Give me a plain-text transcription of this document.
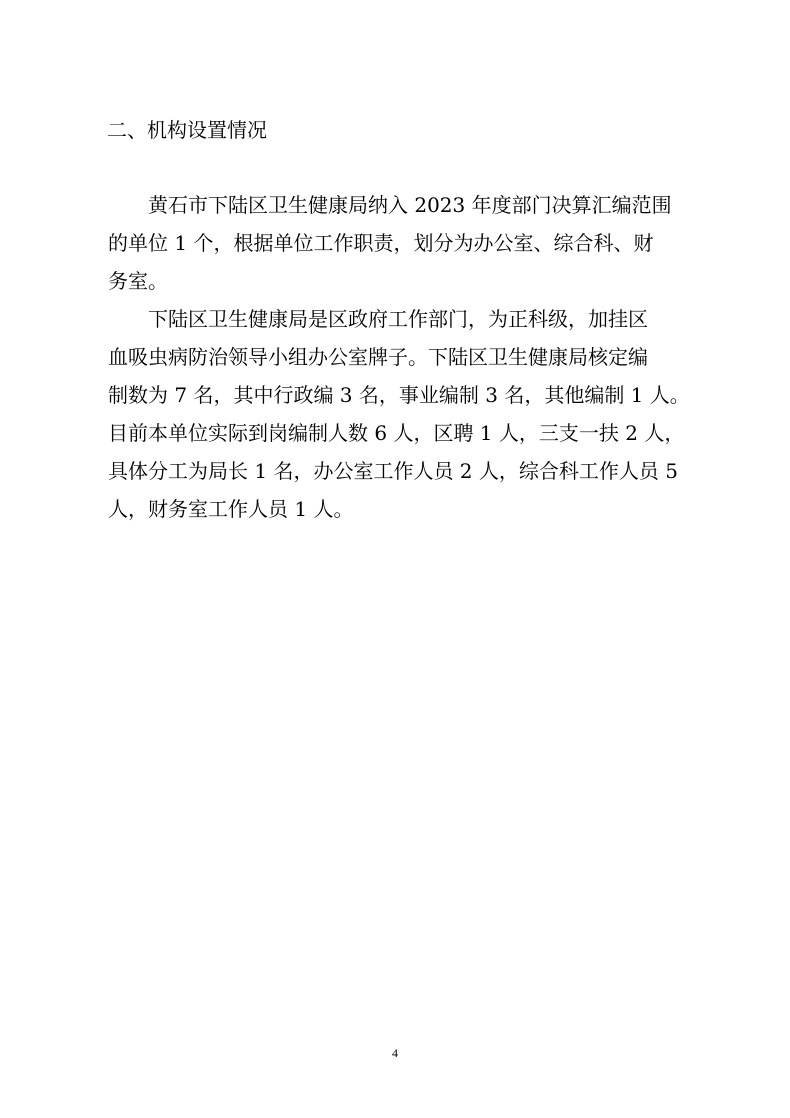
二、机构设置情况
黄石市下陆区卫生健康局纳入 2023 年度部门决算汇编范围
的单位 1 个，根据单位工作职责，划分为办公室、综合科、财
务室。
下陆区卫生健康局是区政府工作部门，为正科级，加挂区
血吸虫病防治领导小组办公室牌子。下陆区卫生健康局核定编
制数为 7 名，其中行政编 3 名，事业编制 3 名，其他编制 1 人。
目前本单位实际到岗编制人数 6 人，区聘 1 人，三支一扶 2 人，
具体分工为局长 1 名，办公室工作人员 2 人，综合科工作人员 5
人，财务室工作人员 1 人。
4
